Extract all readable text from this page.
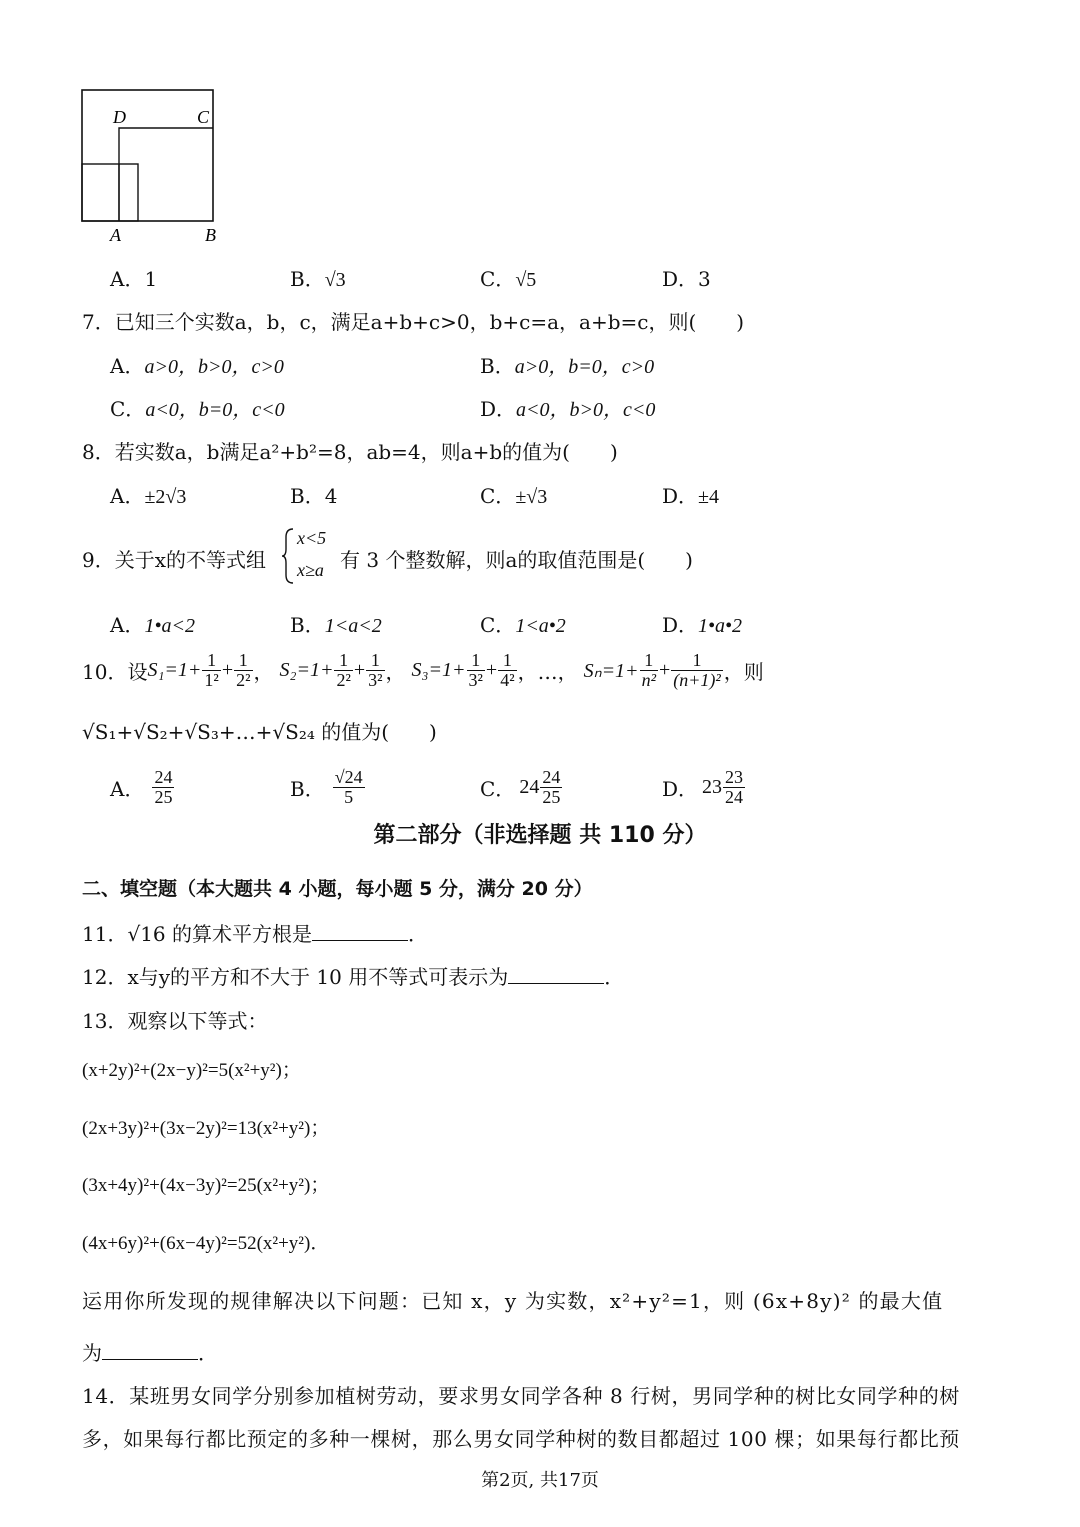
D	C
A	B
A．1	B．√3	C．√5	D．3
7．已知三个实数a，b，c，满足a+b+c>0，b+c=a，a+b=c，则(　　)
A．a>0，b>0，c>0	B．a>0，b=0，c>0
C．a<0，b=0，c<0	D．a<0，b>0，c<0
8．若实数a，b满足a²+b²=8，ab=4，则a+b的值为(　　)
A．±2√3	B．4	C．±√3	D．±4
9．关于x的不等式组
x<5
x≥a 有 3 个整数解，则a的取值范围是(　　)
A．1•a<2	B．1<a<2	C．1<a•2	D．1•a•2
10．设 $S_1=1+ \frac{1}{\text{1²}} + \frac{1}{\text{2²}}$ ， $S_2=1+ \frac{1}{\text{2²}} + \frac{1}{\text{3²}}$ ， $S_3=1+ \frac{1}{\text{3²}} + \frac{1}{\text{4²}}$ ，…， $S_n=1+ \frac{1}{\text{n²}} + \frac{1}{\text{(n+1)²}}$ ，则
√S₁+√S₂+√S₃+…+√S₂₄ 的值为(　　)
A． $\frac{24}{25}$	B． $\frac{√24}{5}$	C． $24 \frac{24}{25}$	D． $23 \frac{23}{24}$
第二部分（非选择题 共 110 分）
二、填空题（本大题共 4 小题，每小题 5 分，满分 20 分）
11．√16 的算术平方根是	．
12．x与y的平方和不大于 10 用不等式可表示为	．
13．观察以下等式：
(x+2y)²+(2x−y)²=5(x²+y²)；
(2x+3y)²+(3x−2y)²=13(x²+y²)；
(3x+4y)²+(4x−3y)²=25(x²+y²)；
(4x+6y)²+(6x−4y)²=52(x²+y²)．
运用你所发现的规律解决以下问题：已知 x，y 为实数，x²+y²=1，则 (6x+8y)² 的最大值
为	．
14．某班男女同学分别参加植树劳动，要求男女同学各种 8 行树，男同学种的树比女同学种的树
多，如果每行都比预定的多种一棵树，那么男女同学种树的数目都超过 100 棵；如果每行都比预
第2页, 共17页
